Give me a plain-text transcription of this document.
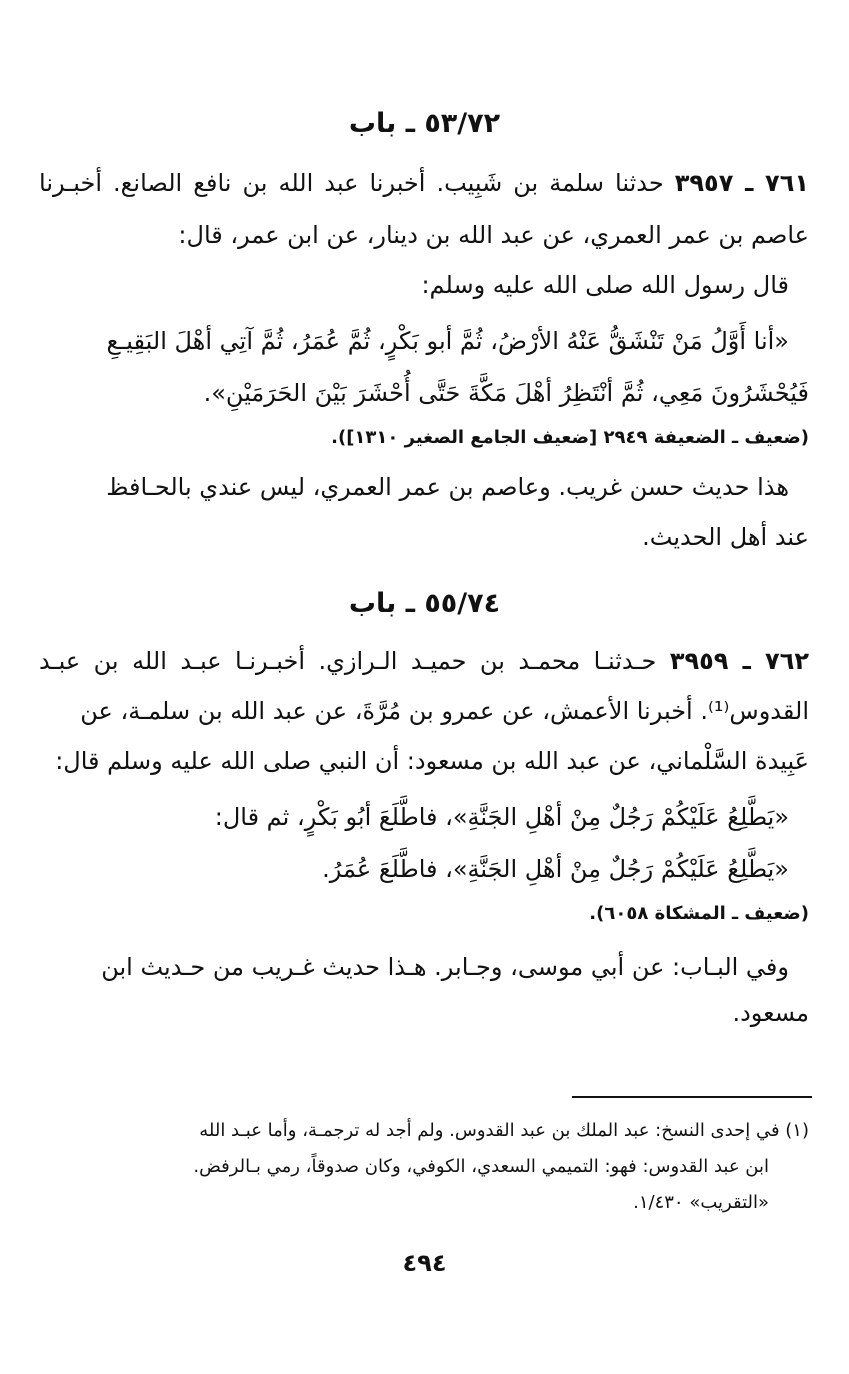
٥٣/٧٢ ـ باب
٧٦١ ـ ٣٩٥٧ حدثنا سلمة بن شَبِيب. أخبرنا عبد الله بن نافع الصانع. أخبـرنا
عاصم بن عمر العمري، عن عبد الله بن دينار، عن ابن عمر، قال:
قال رسول الله صلى الله عليه وسلم:
«أنا أَوَّلُ مَنْ تَنْشَقُّ عَنْهُ الأرْضُ، ثُمَّ أبو بَكْرٍ، ثُمَّ عُمَرُ، ثُمَّ آتِي أهْلَ البَقِيـعِ
فَيُحْشَرُونَ مَعِي، ثُمَّ أنْتَظِرُ أهْلَ مَكَّةَ حَتَّى أُحْشَرَ بَيْنَ الحَرَمَيْنِ».
(ضعيف ـ الضعيفة ٢٩٤٩ [ضعيف الجامع الصغير ١٣١٠]).
هذا حديث حسن غريب. وعاصم بن عمر العمري، ليس عندي بالحـافظ
عند أهل الحديث.
٥٥/٧٤ ـ باب
٧٦٢ ـ ٣٩٥٩ حـدثنـا محمـد بن حميـد الـرازي. أخبـرنـا عبـد الله بن عبـد
القدوس⁽¹⁾. أخبرنا الأعمش، عن عمرو بن مُرَّةَ، عن عبد الله بن سلمـة، عن
عَبِيدة السَّلْماني، عن عبد الله بن مسعود: أن النبي صلى الله عليه وسلم قال:
«يَطَّلِعُ عَلَيْكُمْ رَجُلٌ مِنْ أهْلِ الجَنَّةِ»، فاطَّلَعَ أبُو بَكْرٍ، ثم قال:
«يَطَّلِعُ عَلَيْكُمْ رَجُلٌ مِنْ أهْلِ الجَنَّةِ»، فاطَّلَعَ عُمَرُ.
(ضعيف ـ المشكاة ٦٠٥٨).
وفي البـاب: عن أبي موسى، وجـابر. هـذا حديث غـريب من حـديث ابن
مسعود.
(١) في إحدى النسخ: عبد الملك بن عبد القدوس. ولم أجد له ترجمـة، وأما عبـد الله
ابن عبد القدوس: فهو: التميمي السعدي، الكوفي، وكان صدوقاً، رمي بـالرفض.
«التقريب» ١/٤٣٠.
٤٩٤
